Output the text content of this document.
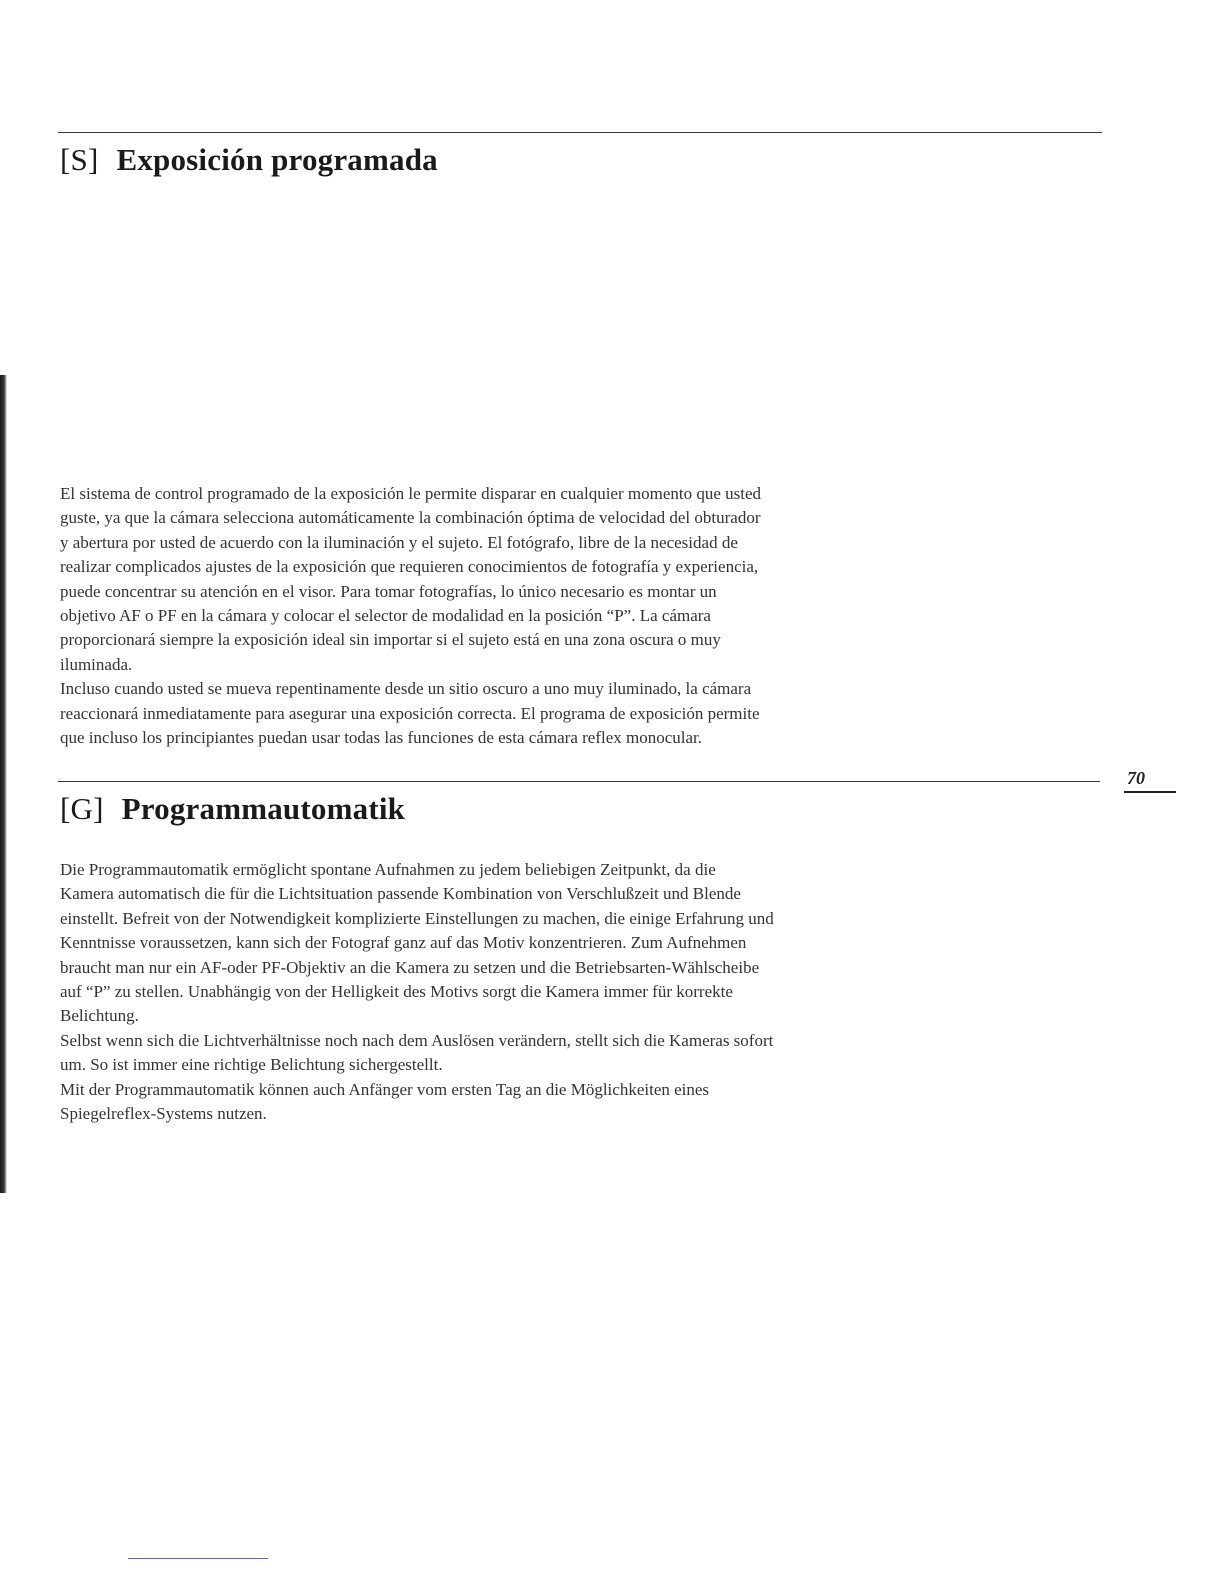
[S] Exposición programada
El sistema de control programado de la exposición le permite disparar en cualquier momento que usted
guste, ya que la cámara selecciona automáticamente la combinación óptima de velocidad del obturador
y abertura por usted de acuerdo con la iluminación y el sujeto. El fotógrafo, libre de la necesidad de
realizar complicados ajustes de la exposición que requieren conocimientos de fotografía y experiencia,
puede concentrar su atención en el visor. Para tomar fotografías, lo único necesario es montar un
objetivo AF o PF en la cámara y colocar el selector de modalidad en la posición “P”. La cámara
proporcionará siempre la exposición ideal sin importar si el sujeto está en una zona oscura o muy
iluminada.
Incluso cuando usted se mueva repentinamente desde un sitio oscuro a uno muy iluminado, la cámara
reaccionará inmediatamente para asegurar una exposición correcta. El programa de exposición permite
que incluso los principiantes puedan usar todas las funciones de esta cámara reflex monocular.
70
[G] Programmautomatik
Die Programmautomatik ermöglicht spontane Aufnahmen zu jedem beliebigen Zeitpunkt, da die
Kamera automatisch die für die Lichtsituation passende Kombination von Verschlußzeit und Blende
einstellt. Befreit von der Notwendigkeit komplizierte Einstellungen zu machen, die einige Erfahrung und
Kenntnisse voraussetzen, kann sich der Fotograf ganz auf das Motiv konzentrieren. Zum Aufnehmen
braucht man nur ein AF-oder PF-Objektiv an die Kamera zu setzen und die Betriebsarten-Wählscheibe
auf “P” zu stellen. Unabhängig von der Helligkeit des Motivs sorgt die Kamera immer für korrekte
Belichtung.
Selbst wenn sich die Lichtverhältnisse noch nach dem Auslösen verändern, stellt sich die Kameras sofort
um. So ist immer eine richtige Belichtung sichergestellt.
Mit der Programmautomatik können auch Anfänger vom ersten Tag an die Möglichkeiten eines
Spiegelreflex-Systems nutzen.
